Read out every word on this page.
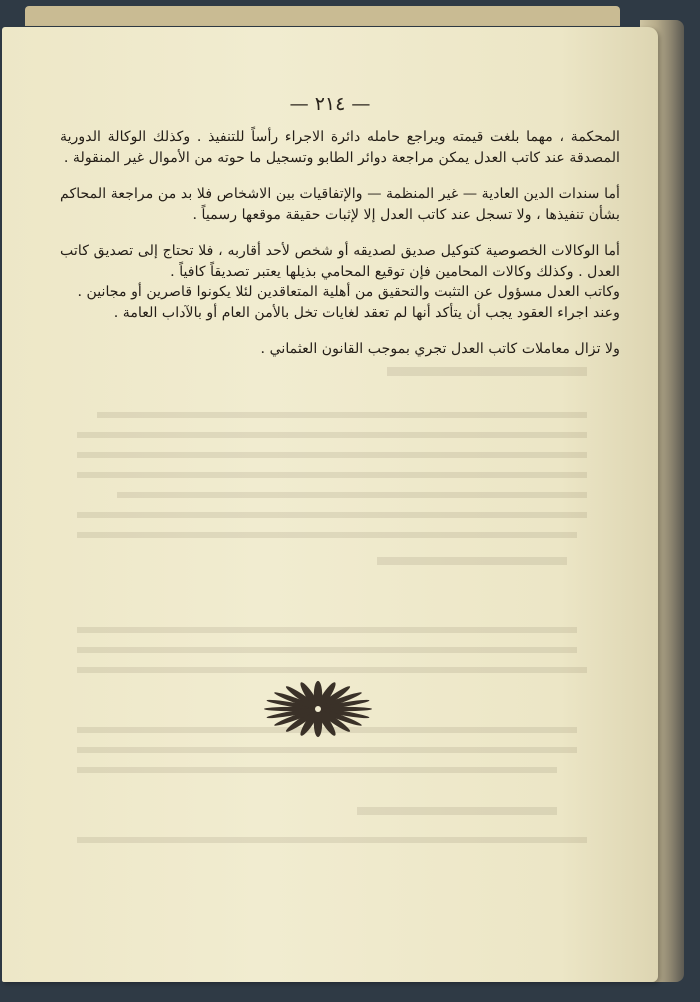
— ٢١٤ —

المحكمة ، مهما بلغت قيمته ويراجع حامله دائرة الاجراء رأساً للتنفيذ . وكذلك الوكالة الدورية المصدقة عند كاتب العدل يمكن مراجعة دوائر الطابو وتسجيل ما حوته من الأموال غير المنقولة .

أما سندات الدين العادية — غير المنظمة — والإتفاقيات بين الاشخاص فلا بد من مراجعة المحاكم بشأن تنفيذها ، ولا تسجل عند كاتب العدل إلا لإثبات حقيقة موقعها رسمياً .

أما الوكالات الخصوصية كتوكيل صديق لصديقه أو شخص لأحد أقاربه ، فلا تحتاج إلى تصديق كاتب العدل . وكذلك وكالات المحامين فإن توقيع المحامي بذيلها يعتبر تصديقاً كافياً .

وكاتب العدل مسؤول عن التثبت والتحقيق من أهلية المتعاقدين لئلا يكونوا قاصرين أو مجانين .

وعند اجراء العقود يجب أن يتأكد أنها لم تعقد لغايات تخل بالأمن العام أو بالآداب العامة .

ولا تزال معاملات كاتب العدل تجري بموجب القانون العثماني .
